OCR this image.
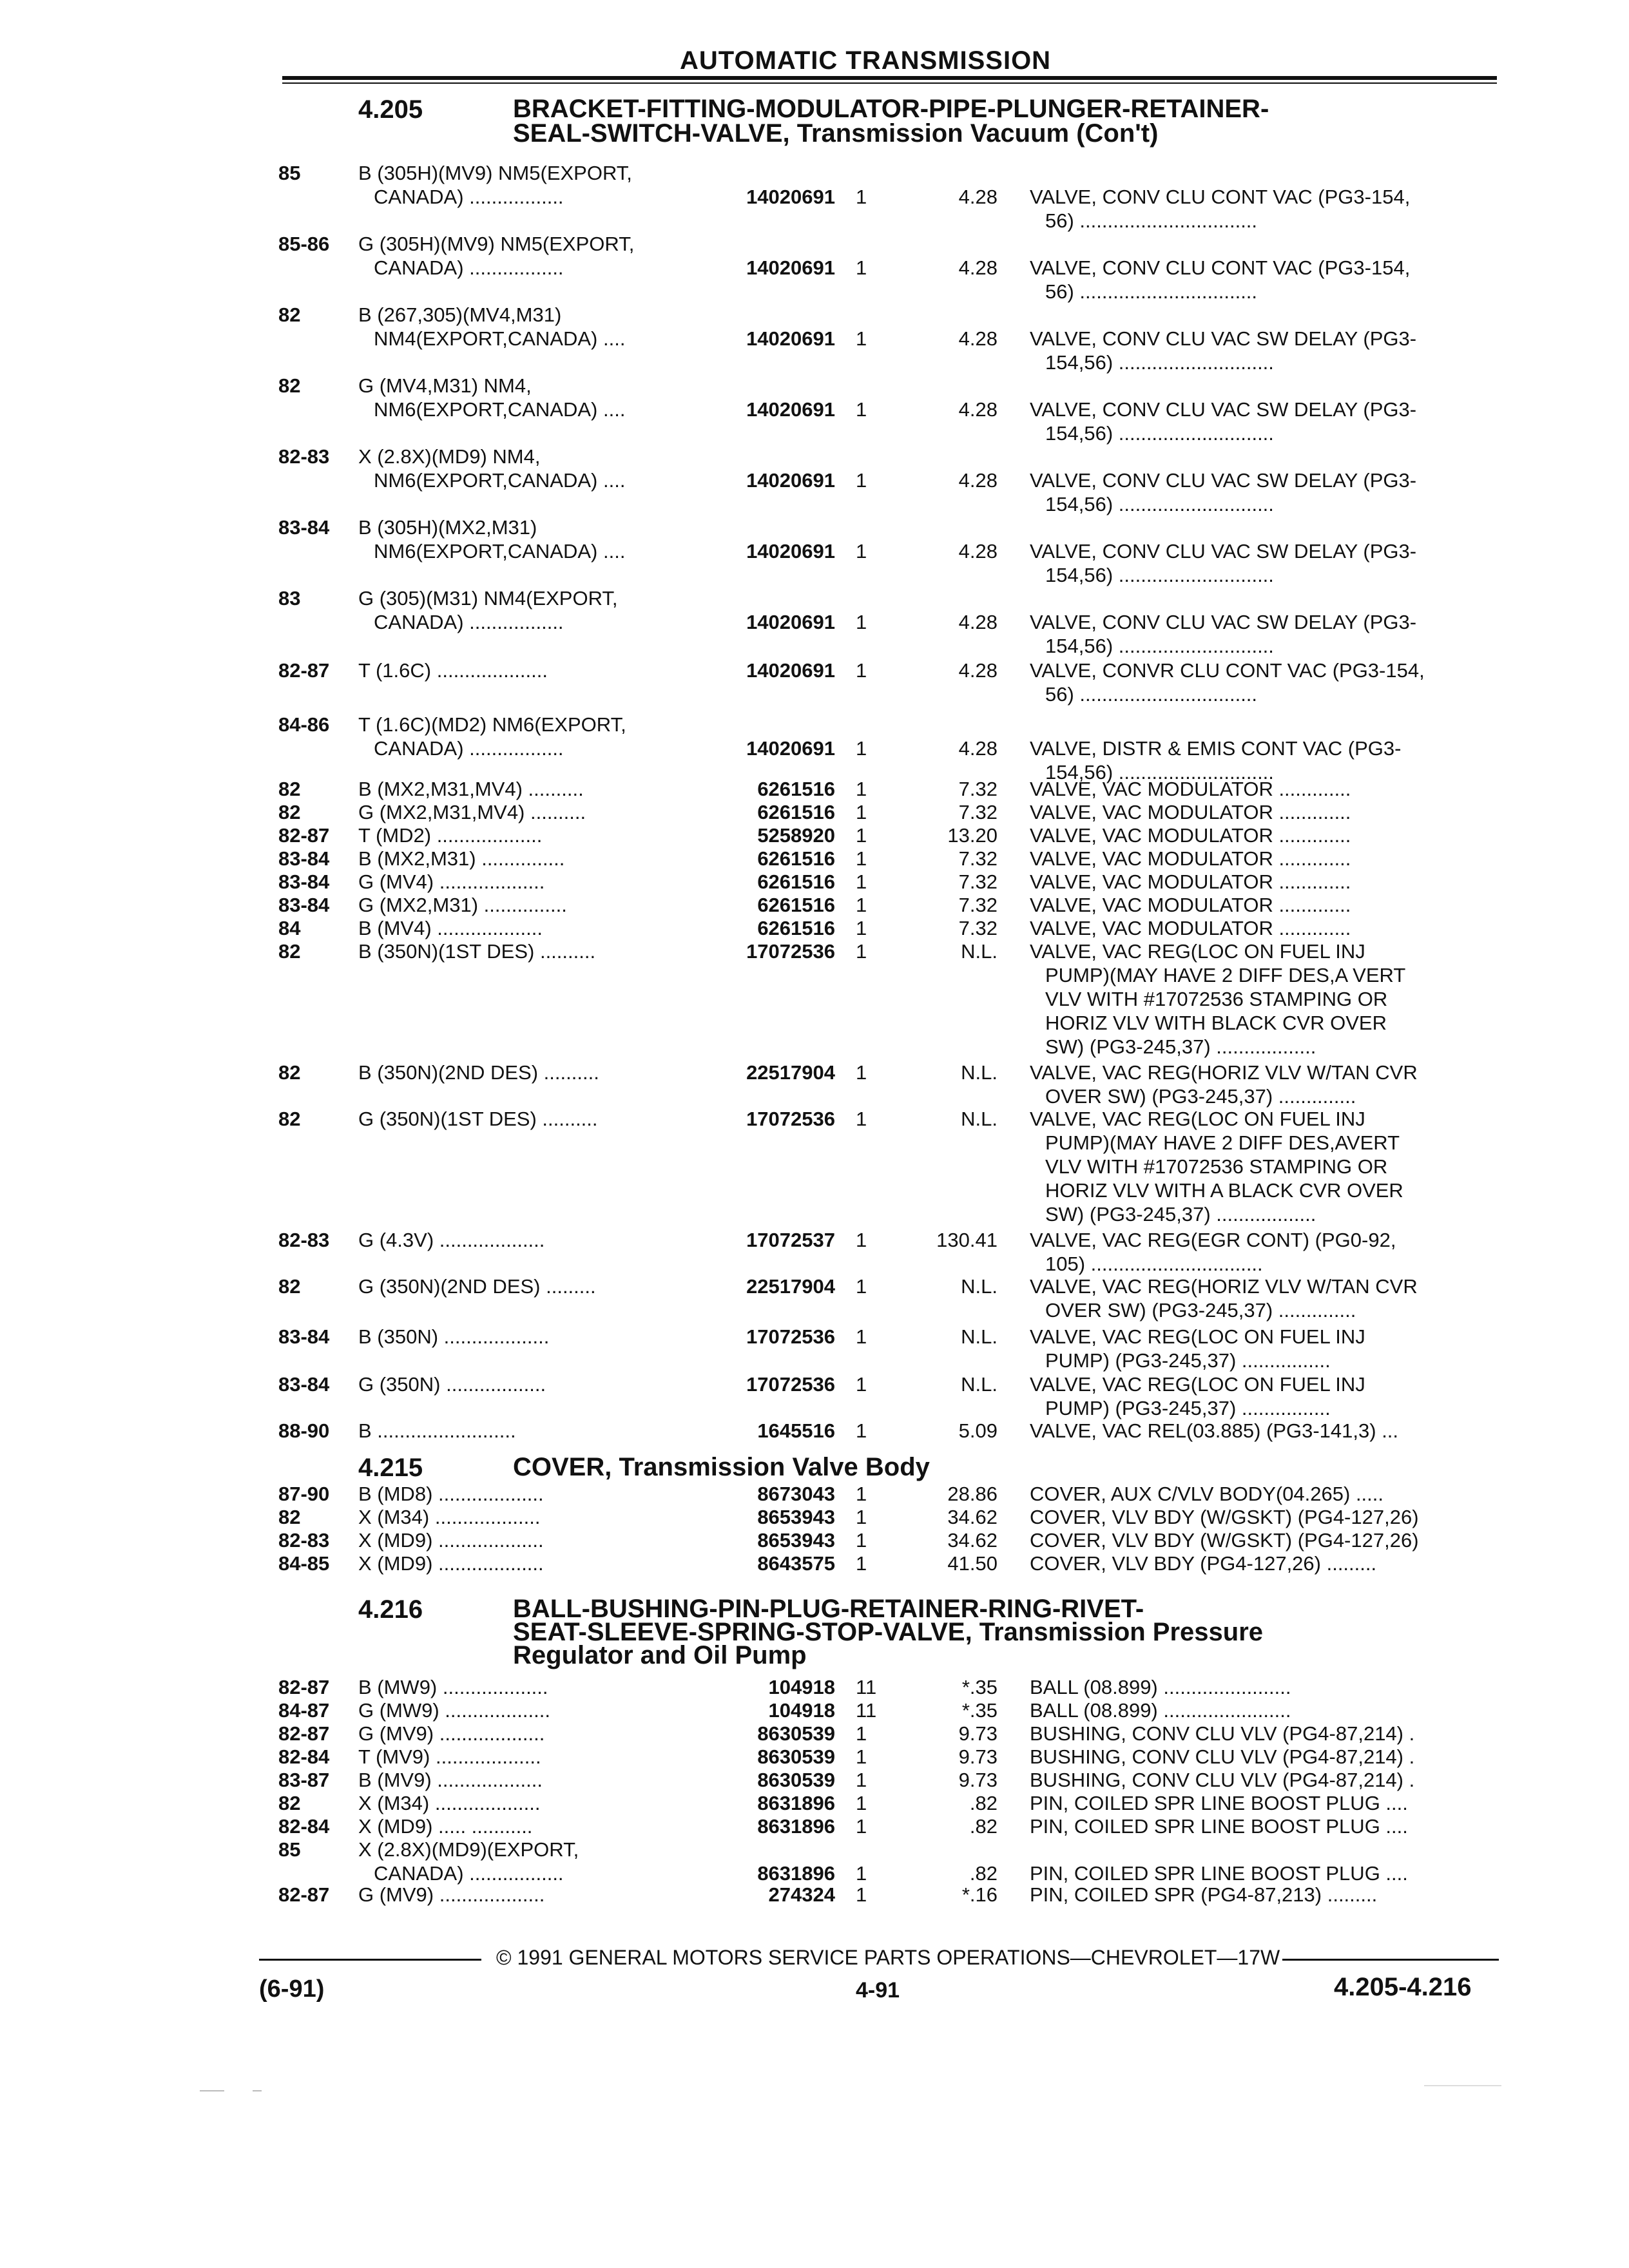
AUTOMATIC TRANSMISSION
4.205	BRACKET-FITTING-MODULATOR-PIPE-PLUNGER-RETAINER-
SEAL-SWITCH-VALVE, Transmission Vacuum (Con't)
4.215	COVER, Transmission Valve Body
4.216	BALL-BUSHING-PIN-PLUG-RETAINER-RING-RIVET-
SEAT-SLEEVE-SPRING-STOP-VALVE, Transmission Pressure
Regulator and Oil Pump
85	B (305H)(MV9) NM5(EXPORT,
CANADA) .................	14020691 1	4.28 VALVE, CONV CLU CONT VAC (PG3-154,
56) ................................
85-86 G (305H)(MV9) NM5(EXPORT,
CANADA) .................	14020691 1	4.28 VALVE, CONV CLU CONT VAC (PG3-154,
56) ................................
82	B (267,305)(MV4,M31)
NM4(EXPORT,CANADA) ....	14020691 1	4.28 VALVE, CONV CLU VAC SW DELAY (PG3-
154,56) ............................
82	G (MV4,M31) NM4,
NM6(EXPORT,CANADA) ....	14020691 1	4.28 VALVE, CONV CLU VAC SW DELAY (PG3-
154,56) ............................
82-83 X (2.8X)(MD9) NM4,
NM6(EXPORT,CANADA) ....	14020691 1	4.28 VALVE, CONV CLU VAC SW DELAY (PG3-
154,56) ............................
83-84 B (305H)(MX2,M31)
NM6(EXPORT,CANADA) ....	14020691 1	4.28 VALVE, CONV CLU VAC SW DELAY (PG3-
154,56) ............................
83	G (305)(M31) NM4(EXPORT,
CANADA) .................	14020691 1	4.28 VALVE, CONV CLU VAC SW DELAY (PG3-
154,56) ............................
82-87 T (1.6C) ....................	14020691 1	4.28 VALVE, CONVR CLU CONT VAC (PG3-154,
56) ................................
84-86 T (1.6C)(MD2) NM6(EXPORT,
CANADA) .................	14020691 1	4.28 VALVE, DISTR & EMIS CONT VAC (PG3-
154,56) ............................
82	B (MX2,M31,MV4) ..........	6261516 1	7.32 VALVE, VAC MODULATOR .............
82	G (MX2,M31,MV4) ..........	6261516 1	7.32 VALVE, VAC MODULATOR .............
82-87 T (MD2) ...................	5258920 1	13.20 VALVE, VAC MODULATOR .............
83-84 B (MX2,M31) ...............	6261516 1	7.32 VALVE, VAC MODULATOR .............
83-84 G (MV4) ...................	6261516 1	7.32 VALVE, VAC MODULATOR .............
83-84 G (MX2,M31) ...............	6261516 1	7.32 VALVE, VAC MODULATOR .............
84	B (MV4) ...................	6261516 1	7.32 VALVE, VAC MODULATOR .............
82	B (350N)(1ST DES) ..........	17072536 1	N.L. VALVE, VAC REG(LOC ON FUEL INJ
PUMP)(MAY HAVE 2 DIFF DES,A VERT
VLV WITH #17072536 STAMPING OR
HORIZ VLV WITH BLACK CVR OVER
SW) (PG3-245,37) ..................
82	B (350N)(2ND DES) ..........	22517904 1	N.L. VALVE, VAC REG(HORIZ VLV W/TAN CVR
OVER SW) (PG3-245,37) ..............
82	G (350N)(1ST DES) ..........	17072536 1	N.L. VALVE, VAC REG(LOC ON FUEL INJ
PUMP)(MAY HAVE 2 DIFF DES,AVERT
VLV WITH #17072536 STAMPING OR
HORIZ VLV WITH A BLACK CVR OVER
SW) (PG3-245,37) ..................
82-83 G (4.3V) ...................	17072537 1	130.41 VALVE, VAC REG(EGR CONT) (PG0-92,
105) ...............................
82	G (350N)(2ND DES) .........	22517904 1	N.L. VALVE, VAC REG(HORIZ VLV W/TAN CVR
OVER SW) (PG3-245,37) ..............
83-84 B (350N) ...................	17072536 1	N.L. VALVE, VAC REG(LOC ON FUEL INJ
PUMP) (PG3-245,37) ................
83-84 G (350N) ..................	17072536 1	N.L. VALVE, VAC REG(LOC ON FUEL INJ
PUMP) (PG3-245,37) ................
88-90 B .........................	1645516 1	5.09 VALVE, VAC REL(03.885) (PG3-141,3) ...
87-90 B (MD8) ...................	8673043 1	28.86 COVER, AUX C/VLV BODY(04.265) .....
82	X (M34) ...................	8653943 1	34.62 COVER, VLV BDY (W/GSKT) (PG4-127,26)
82-83 X (MD9) ...................	8653943 1	34.62 COVER, VLV BDY (W/GSKT) (PG4-127,26)
84-85 X (MD9) ...................	8643575 1	41.50 COVER, VLV BDY (PG4-127,26) .........
82-87 B (MW9) ...................	104918 11	*.35 BALL (08.899) .......................
84-87 G (MW9) ...................	104918 11	*.35 BALL (08.899) .......................
82-87 G (MV9) ...................	8630539 1	9.73 BUSHING, CONV CLU VLV (PG4-87,214) .
82-84 T (MV9) ...................	8630539 1	9.73 BUSHING, CONV CLU VLV (PG4-87,214) .
83-87 B (MV9) ...................	8630539 1	9.73 BUSHING, CONV CLU VLV (PG4-87,214) .
82	X (M34) ...................	8631896 1	.82 PIN, COILED SPR LINE BOOST PLUG ....
82-84 X (MD9) ..... ...........	8631896 1	.82 PIN, COILED SPR LINE BOOST PLUG ....
85	X (2.8X)(MD9)(EXPORT,
CANADA) .................	8631896 1	.82 PIN, COILED SPR LINE BOOST PLUG ....
82-87 G (MV9) ...................	274324 1	*.16 PIN, COILED SPR (PG4-87,213) .........
© 1991 GENERAL MOTORS SERVICE PARTS OPERATIONS—CHEVROLET—17W
(6-91)	4-91	4.205-4.216
